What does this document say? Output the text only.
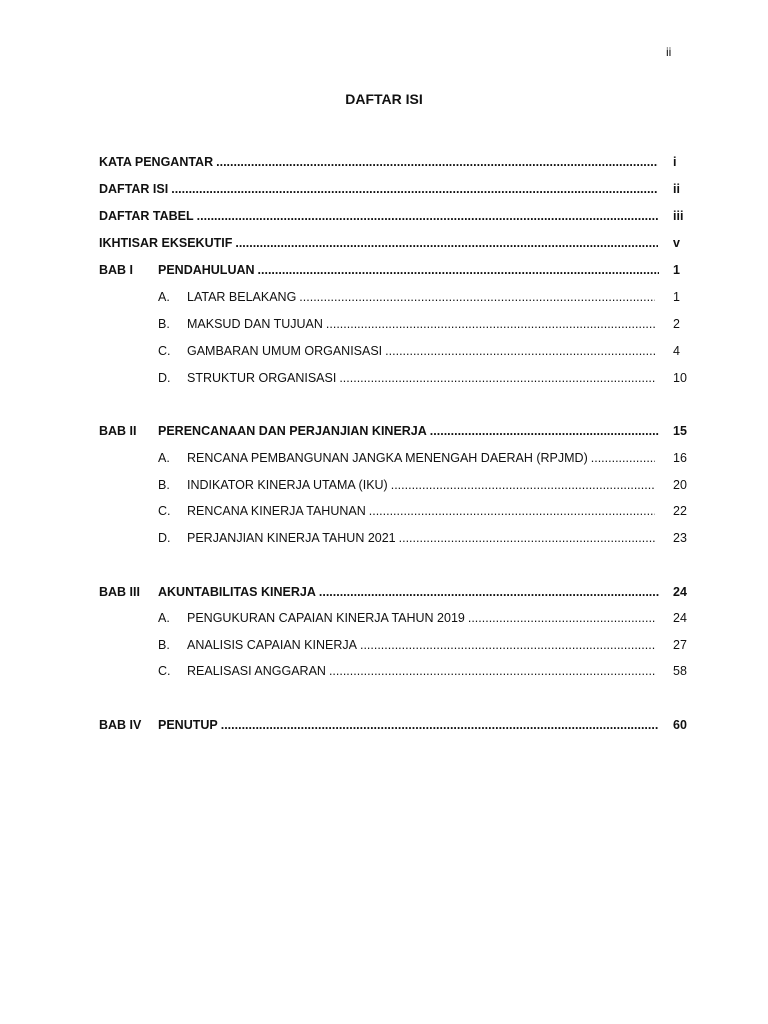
ii
DAFTAR ISI
KATA PENGANTAR .....	i
DAFTAR ISI .....	ii
DAFTAR TABEL .....	iii
IKHTISAR EKSEKUTIF .....	v
BAB I PENDAHULUAN .....	1
A. LATAR BELAKANG .....	1
B. MAKSUD DAN TUJUAN .....	2
C. GAMBARAN UMUM ORGANISASI .....	4
D. STRUKTUR ORGANISASI .....	10
BAB II PERENCANAAN DAN PERJANJIAN KINERJA .....	15
A. RENCANA PEMBANGUNAN JANGKA MENENGAH DAERAH (RPJMD) .....	16
B. INDIKATOR KINERJA UTAMA (IKU) .....	20
C. RENCANA KINERJA TAHUNAN .....	22
D. PERJANJIAN KINERJA TAHUN 2021 .....	23
BAB III AKUNTABILITAS KINERJA .....	24
A. PENGUKURAN CAPAIAN KINERJA TAHUN 2019 .....	24
B. ANALISIS CAPAIAN KINERJA .....	27
C. REALISASI ANGGARAN .....	58
BAB IV PENUTUP .....	60
